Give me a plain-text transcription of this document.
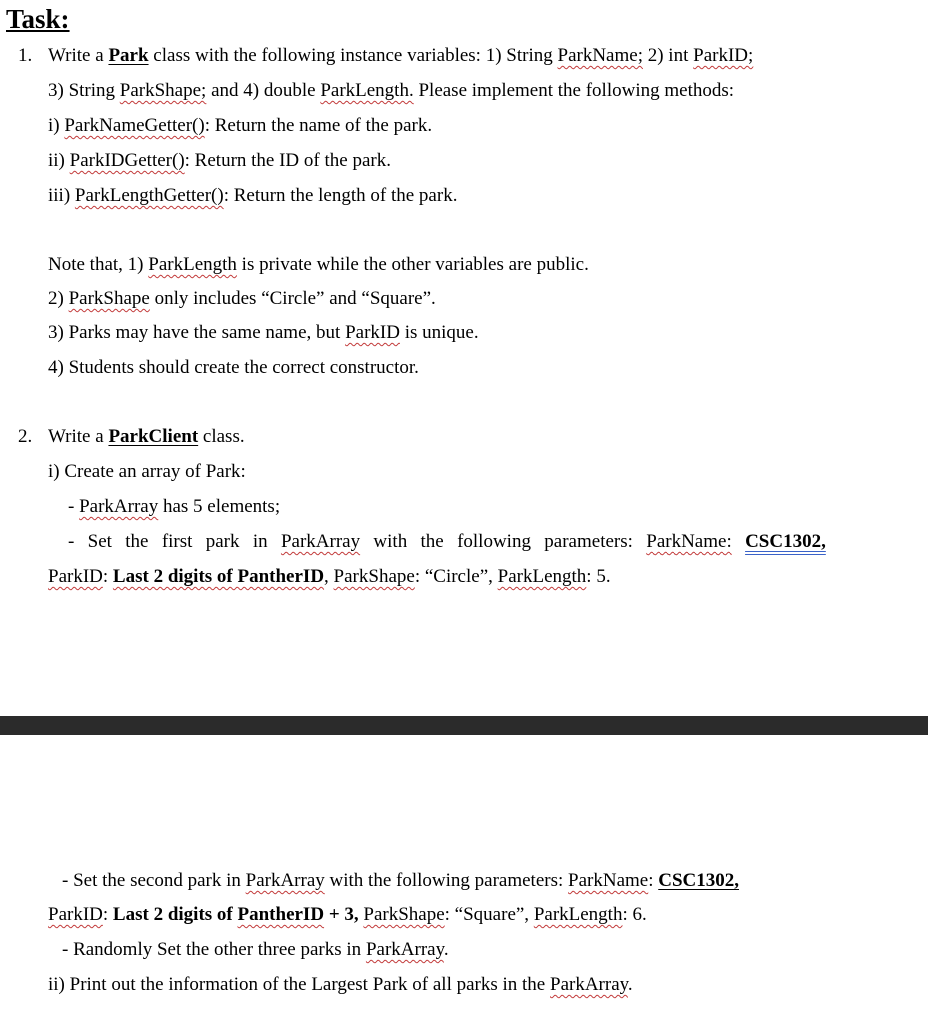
Task:
1. Write a Park class with the following instance variables: 1) String ParkName; 2) int ParkID;
3) String ParkShape; and 4) double ParkLength. Please implement the following methods:
i) ParkNameGetter(): Return the name of the park.
ii) ParkIDGetter(): Return the ID of the park.
iii) ParkLengthGetter(): Return the length of the park.
Note that, 1) ParkLength is private while the other variables are public.
2) ParkShape only includes “Circle” and “Square”.
3) Parks may have the same name, but ParkID is unique.
4) Students should create the correct constructor.
2. Write a ParkClient class.
i) Create an array of Park:
- ParkArray has 5 elements;
- Set the first park in ParkArray with the following parameters: ParkName: CSC1302,
ParkID: Last 2 digits of PantherID, ParkShape: “Circle”, ParkLength: 5.
- Set the second park in ParkArray with the following parameters: ParkName: CSC1302,
ParkID: Last 2 digits of PantherID + 3, ParkShape: “Square”, ParkLength: 6.
- Randomly Set the other three parks in ParkArray.
ii) Print out the information of the Largest Park of all parks in the ParkArray.
